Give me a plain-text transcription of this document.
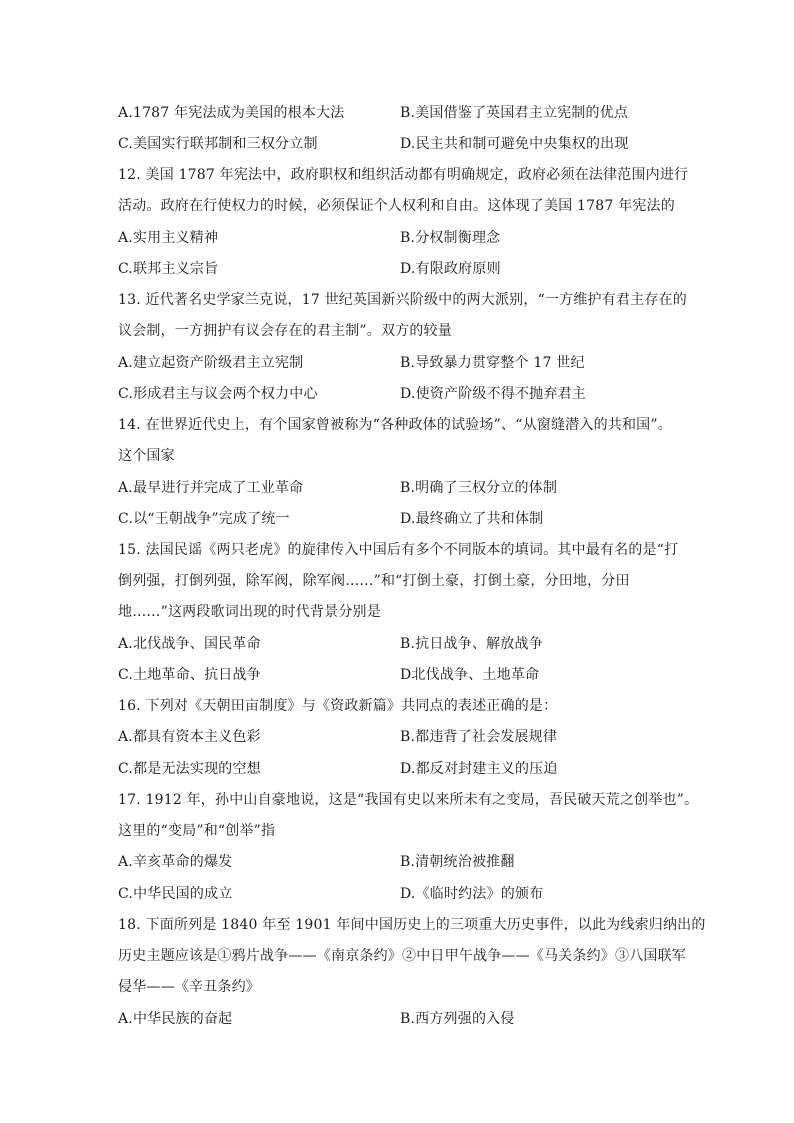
A.1787 年宪法成为美国的根本大法	B.美国借鉴了英国君主立宪制的优点
C.美国实行联邦制和三权分立制	D.民主共和制可避免中央集权的出现
12. 美国 1787 年宪法中，政府职权和组织活动都有明确规定，政府必须在法律范围内进行
活动。政府在行使权力的时候，必须保证个人权利和自由。这体现了美国 1787 年宪法的
A.实用主义精神	B.分权制衡理念
C.联邦主义宗旨	D.有限政府原则
13. 近代著名史学家兰克说，17 世纪英国新兴阶级中的两大派别，“一方维护有君主存在的
议会制，一方拥护有议会存在的君主制”。双方的较量
A.建立起资产阶级君主立宪制	B.导致暴力贯穿整个 17 世纪
C.形成君主与议会两个权力中心	D.使资产阶级不得不抛弃君主
14. 在世界近代史上，有个国家曾被称为“各种政体的试验场”、“从窗缝潜入的共和国”。
这个国家
A.最早进行并完成了工业革命	B.明确了三权分立的体制
C.以“王朝战争”完成了统一	D.最终确立了共和体制
15. 法国民谣《两只老虎》的旋律传入中国后有多个不同版本的填词。其中最有名的是“打
倒列强，打倒列强，除军阀，除军阀……”和“打倒土豪，打倒土豪，分田地，分田
地……”这两段歌词出现的时代背景分别是
A.北伐战争、国民革命	B.抗日战争、解放战争
C.土地革命、抗日战争	D北伐战争、土地革命
16. 下列对《天朝田亩制度》与《资政新篇》共同点的表述正确的是：
A.都具有资本主义色彩	B.都违背了社会发展规律
C.都是无法实现的空想	D.都反对封建主义的压迫
17. 1912 年，孙中山自豪地说，这是“我国有史以来所未有之变局，吾民破天荒之创举也”。
这里的“变局”和“创举”指
A.辛亥革命的爆发	B.清朝统治被推翻
C.中华民国的成立	D.《临时约法》的颁布
18. 下面所列是 1840 年至 1901 年间中国历史上的三项重大历史事件，以此为线索归纳出的
历史主题应该是①鸦片战争——《南京条约》②中日甲午战争——《马关条约》③八国联军
侵华——《辛丑条约》
A.中华民族的奋起	B.西方列强的入侵
